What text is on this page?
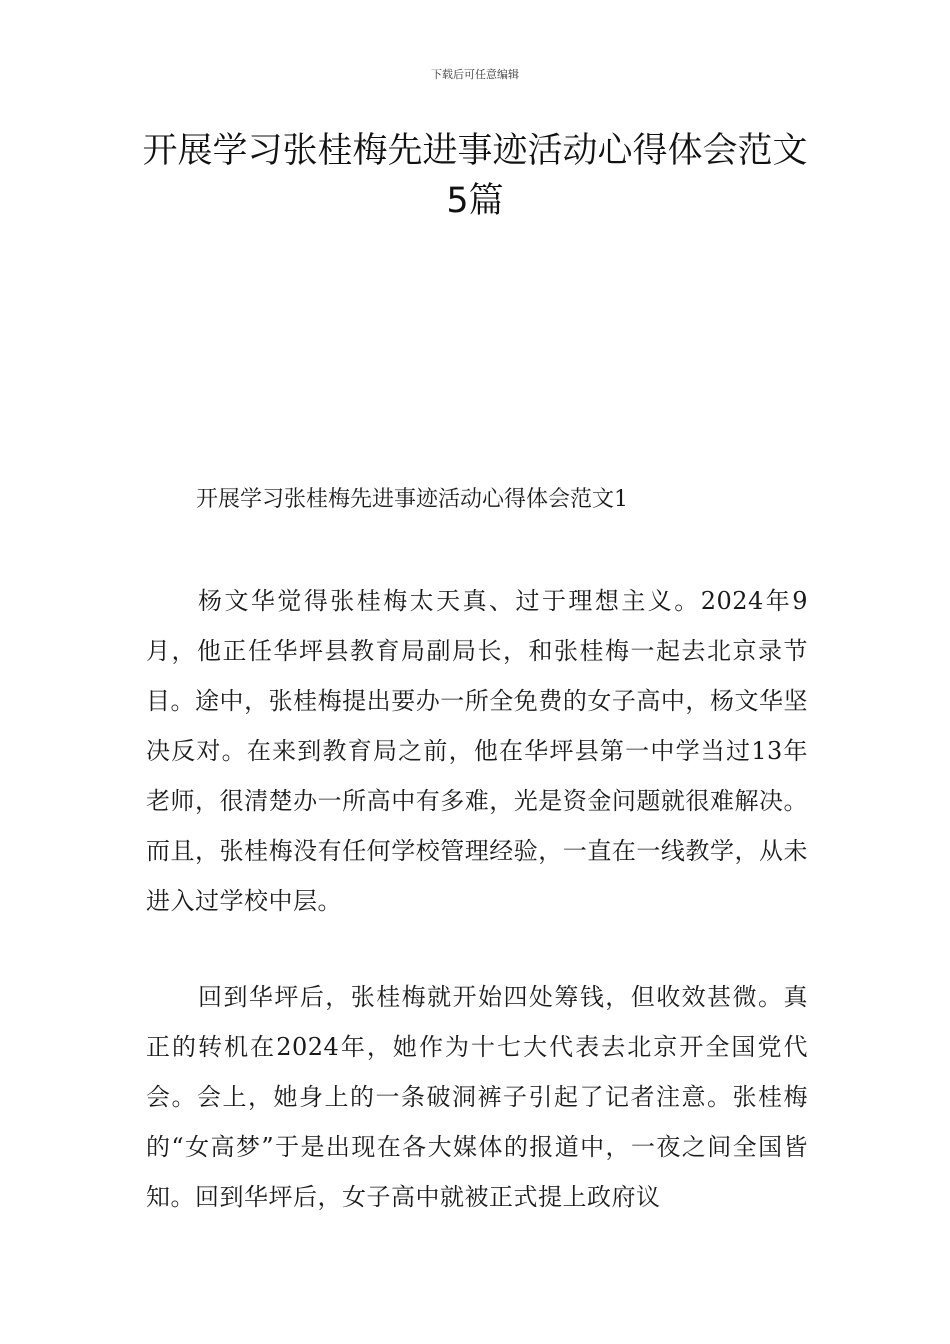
下载后可任意编辑
开展学习张桂梅先进事迹活动心得体会范文5篇
开展学习张桂梅先进事迹活动心得体会范文1
杨文华觉得张桂梅太天真、过于理想主义。2024年9月，他正任华坪县教育局副局长，和张桂梅一起去北京录节目。途中，张桂梅提出要办一所全免费的女子高中，杨文华坚决反对。在来到教育局之前，他在华坪县第一中学当过13年老师，很清楚办一所高中有多难，光是资金问题就很难解决。而且，张桂梅没有任何学校管理经验，一直在一线教学，从未进入过学校中层。
回到华坪后，张桂梅就开始四处筹钱，但收效甚微。真正的转机在2024年，她作为十七大代表去北京开全国党代会。会上，她身上的一条破洞裤子引起了记者注意。张桂梅的“女高梦”于是出现在各大媒体的报道中，一夜之间全国皆知。回到华坪后，女子高中就被正式提上政府议
